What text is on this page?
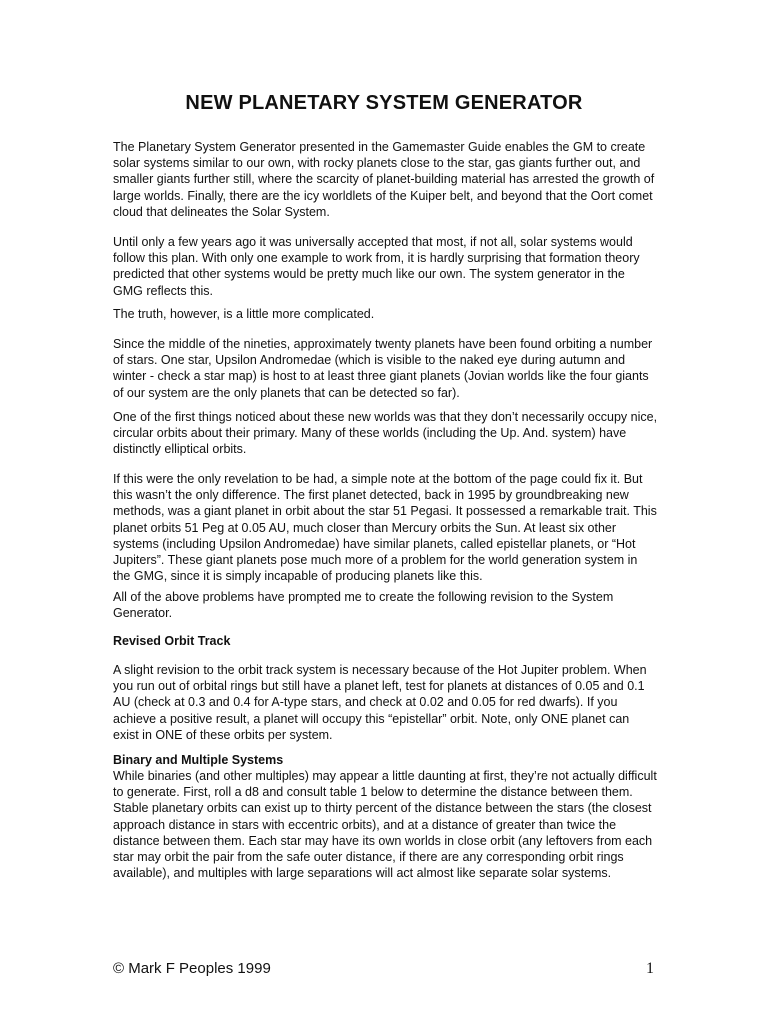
NEW PLANETARY SYSTEM GENERATOR

The Planetary System Generator presented in the Gamemaster Guide enables the GM to create solar systems similar to our own, with rocky planets close to the star, gas giants further out, and smaller giants further still, where the scarcity of planet-building material has arrested the growth of large worlds. Finally, there are the icy worldlets of the Kuiper belt, and beyond that the Oort comet cloud that delineates the Solar System.

Until only a few years ago it was universally accepted that most, if not all, solar systems would follow this plan. With only one example to work from, it is hardly surprising that formation theory predicted that other systems would be pretty much like our own. The system generator in the GMG reflects this.

The truth, however, is a little more complicated.

Since the middle of the nineties, approximately twenty planets have been found orbiting a number of stars. One star, Upsilon Andromedae (which is visible to the naked eye during autumn and winter - check a star map) is host to at least three giant planets (Jovian worlds like the four giants of our system are the only planets that can be detected so far).

One of the first things noticed about these new worlds was that they don’t necessarily occupy nice, circular orbits about their primary. Many of these worlds (including the Up. And. system) have distinctly elliptical orbits.

If this were the only revelation to be had, a simple note at the bottom of the page could fix it. But this wasn’t the only difference. The first planet detected, back in 1995 by groundbreaking new methods, was a giant planet in orbit about the star 51 Pegasi. It possessed a remarkable trait. This planet orbits 51 Peg at 0.05 AU, much closer than Mercury orbits the Sun. At least six other systems (including Upsilon Andromedae) have similar planets, called epistellar planets, or “Hot Jupiters”. These giant planets pose much more of a problem for the world generation system in the GMG, since it is simply incapable of producing planets like this.

All of the above problems have prompted me to create the following revision to the System Generator.

Revised Orbit Track

A slight revision to the orbit track system is necessary because of the Hot Jupiter problem. When you run out of orbital rings but still have a planet left, test for planets at distances of 0.05 and 0.1 AU (check at 0.3 and 0.4 for A-type stars, and check at 0.02 and 0.05 for red dwarfs). If you achieve a positive result, a planet will occupy this “epistellar” orbit. Note, only ONE planet can exist in ONE of these orbits per system.

Binary and Multiple Systems

While binaries (and other multiples) may appear a little daunting at first, they’re not actually difficult to generate. First, roll a d8 and consult table 1 below to determine the distance between them. Stable planetary orbits can exist up to thirty percent of the distance between the stars (the closest approach distance in stars with eccentric orbits), and at a distance of greater than twice the distance between them. Each star may have its own worlds in close orbit (any leftovers from each star may orbit the pair from the safe outer distance, if there are any corresponding orbit rings available), and multiples with large separations will act almost like separate solar systems.

© Mark F Peoples 1999	1
